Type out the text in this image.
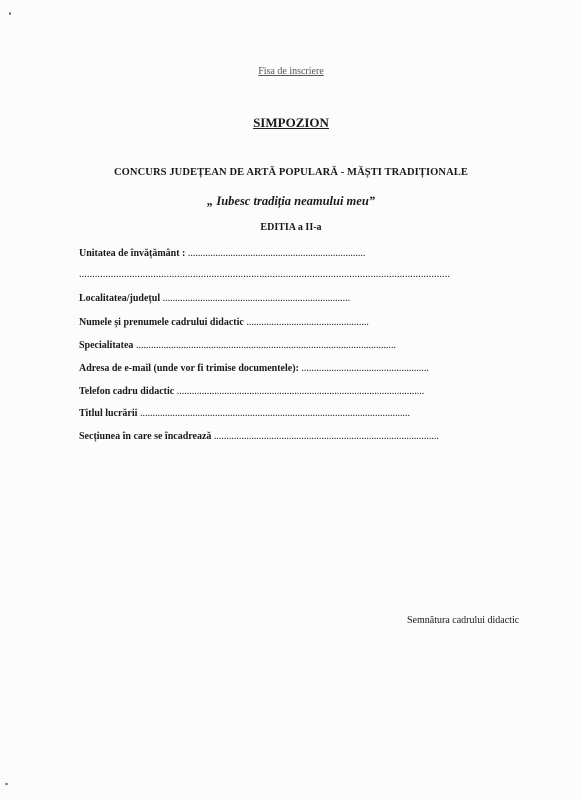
Fisa de inscriere
SIMPOZION
CONCURS JUDEȚEAN DE ARTĂ POPULARĂ - MĂȘTI TRADIȚIONALE
„ Iubesc tradiția neamului meu”
EDITIA a II-a
Unitatea de învățământ : .......................................................................
............................................................................................................................................
Localitatea/județul ...........................................................................
Numele și prenumele cadrului didactic .................................................
Specialitatea ........................................................................................................
Adresa de e-mail (unde vor fi trimise documentele): ...................................................
Telefon cadru didactic ...................................................................................................
Titlul lucrării ............................................................................................................
Secțiunea în care se încadrează ..........................................................................................
Semnătura cadrului didactic
